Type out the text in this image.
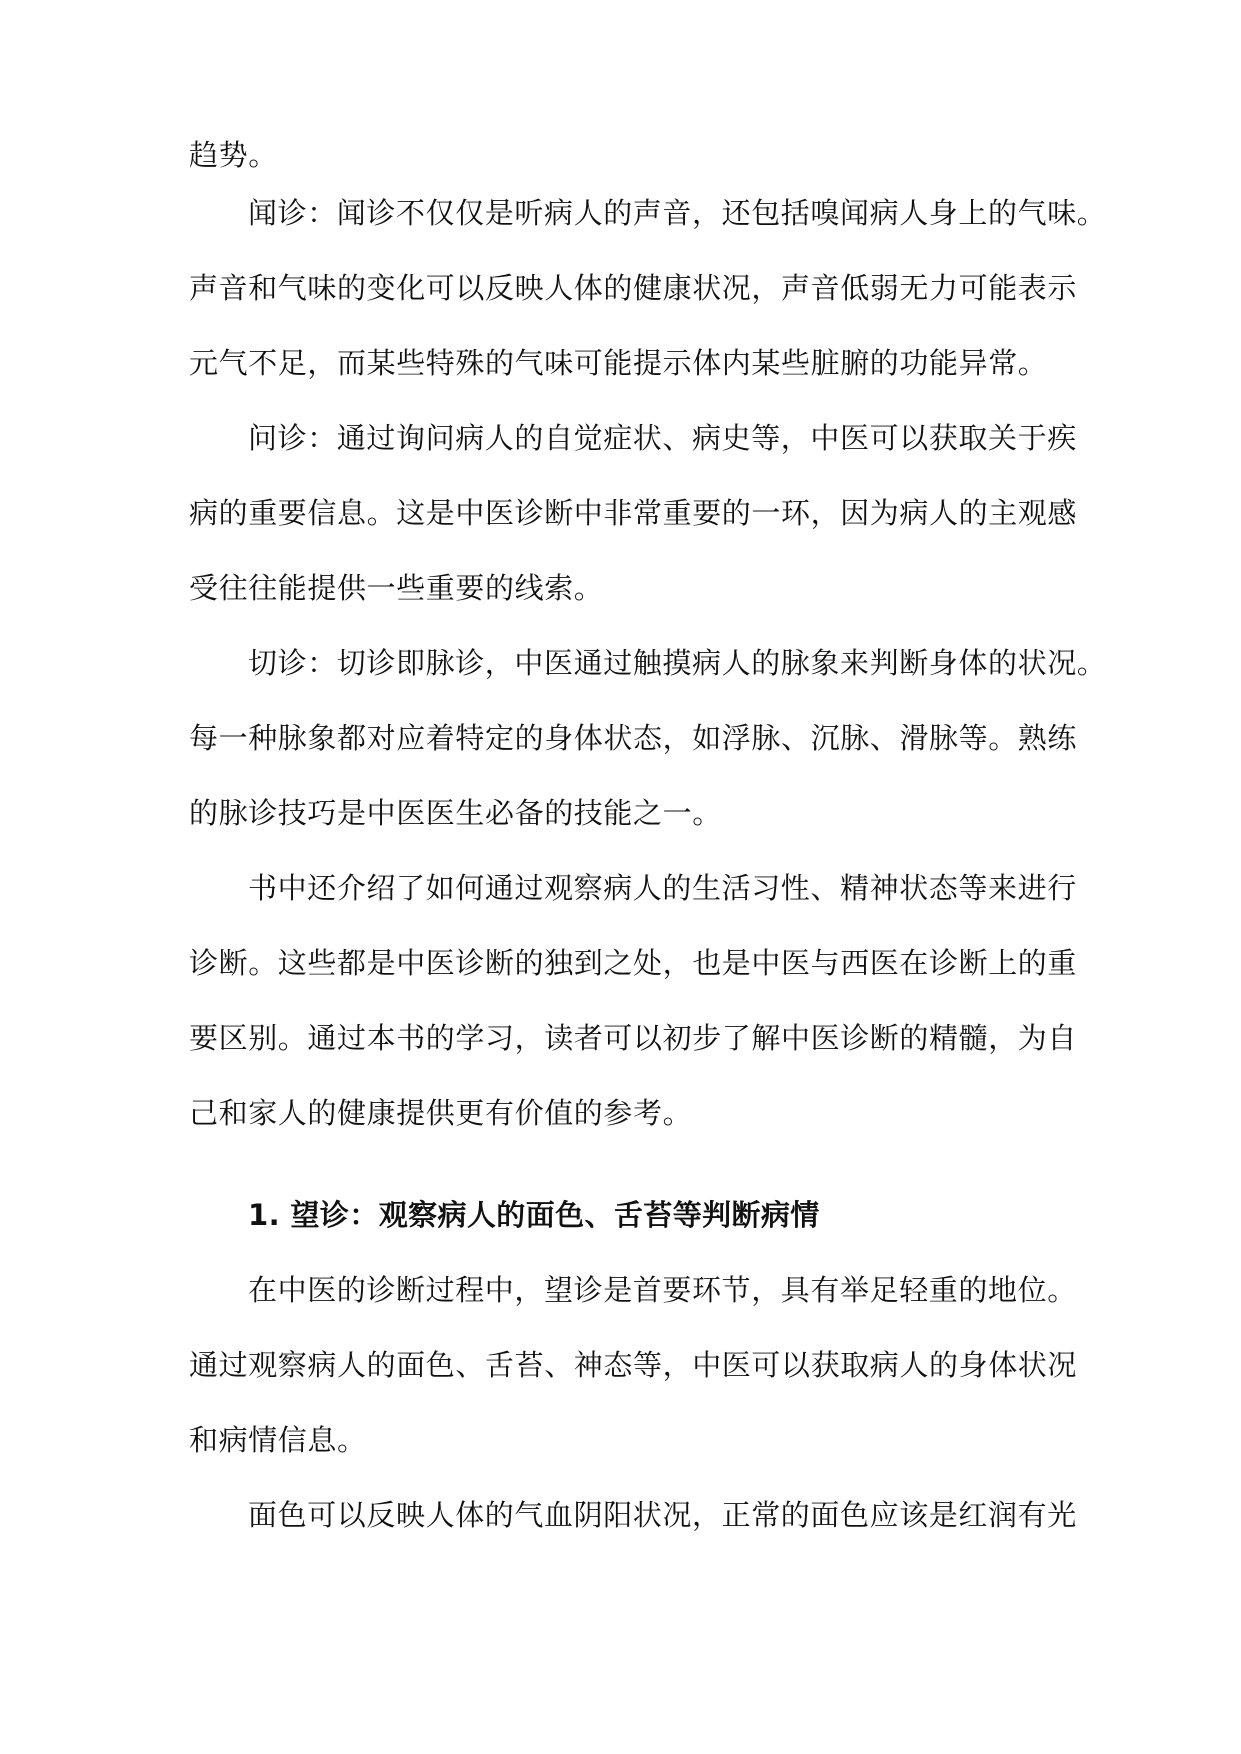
趋势。
闻诊：闻诊不仅仅是听病人的声音，还包括嗅闻病人身上的气味。
声音和气味的变化可以反映人体的健康状况，声音低弱无力可能表示
元气不足，而某些特殊的气味可能提示体内某些脏腑的功能异常。
问诊：通过询问病人的自觉症状、病史等，中医可以获取关于疾
病的重要信息。这是中医诊断中非常重要的一环，因为病人的主观感
受往往能提供一些重要的线索。
切诊：切诊即脉诊，中医通过触摸病人的脉象来判断身体的状况。
每一种脉象都对应着特定的身体状态，如浮脉、沉脉、滑脉等。熟练
的脉诊技巧是中医医生必备的技能之一。
书中还介绍了如何通过观察病人的生活习性、精神状态等来进行
诊断。这些都是中医诊断的独到之处，也是中医与西医在诊断上的重
要区别。通过本书的学习，读者可以初步了解中医诊断的精髓，为自
己和家人的健康提供更有价值的参考。
1. 望诊：观察病人的面色、舌苔等判断病情
在中医的诊断过程中，望诊是首要环节，具有举足轻重的地位。
通过观察病人的面色、舌苔、神态等，中医可以获取病人的身体状况
和病情信息。
面色可以反映人体的气血阴阳状况，正常的面色应该是红润有光
